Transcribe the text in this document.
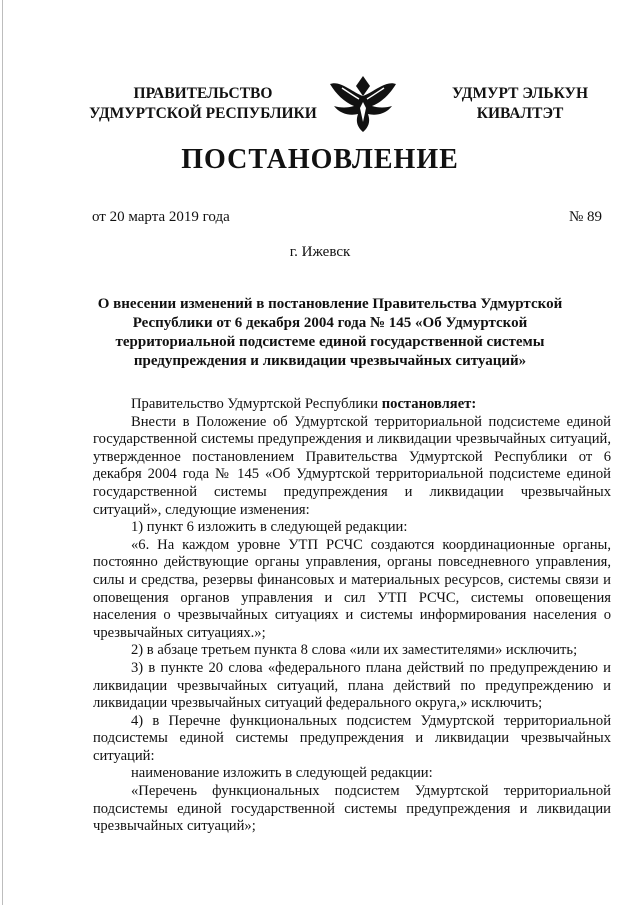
ПРАВИТЕЛЬСТВО
УДМУРТСКОЙ РЕСПУБЛИКИ
УДМУРТ ЭЛЬКУН
КИВАЛТЭТ
ПОСТАНОВЛЕНИЕ
от 20 марта 2019 года	№ 89
г. Ижевск
О внесении изменений в постановление Правительства Удмуртской Республики от 6 декабря 2004 года № 145 «Об Удмуртской территориальной подсистеме единой государственной системы предупреждения и ликвидации чрезвычайных ситуаций»

Правительство Удмуртской Республики постановляет:

Внести в Положение об Удмуртской территориальной подсистеме единой государственной системы предупреждения и ликвидации чрезвычайных ситуаций, утвержденное постановлением Правительства Удмуртской Республики от 6 декабря 2004 года № 145 «Об Удмуртской территориальной подсистеме единой государственной системы предупреждения и ликвидации чрезвычайных ситуаций», следующие изменения:

1) пункт 6 изложить в следующей редакции:

«6. На каждом уровне УТП РСЧС создаются координационные органы, постоянно действующие органы управления, органы повседневного управления, силы и средства, резервы финансовых и материальных ресурсов, системы связи и оповещения органов управления и сил УТП РСЧС, системы оповещения населения о чрезвычайных ситуациях и системы информирования населения о чрезвычайных ситуациях.»;

2) в абзаце третьем пункта 8 слова «или их заместителями» исключить;

3) в пункте 20 слова «федерального плана действий по предупреждению и ликвидации чрезвычайных ситуаций, плана действий по предупреждению и ликвидации чрезвычайных ситуаций федерального округа,» исключить;

4) в Перечне функциональных подсистем Удмуртской территориальной подсистемы единой системы предупреждения и ликвидации чрезвычайных ситуаций:

наименование изложить в следующей редакции:

«Перечень функциональных подсистем Удмуртской территориальной подсистемы единой государственной системы предупреждения и ликвидации чрезвычайных ситуаций»;
